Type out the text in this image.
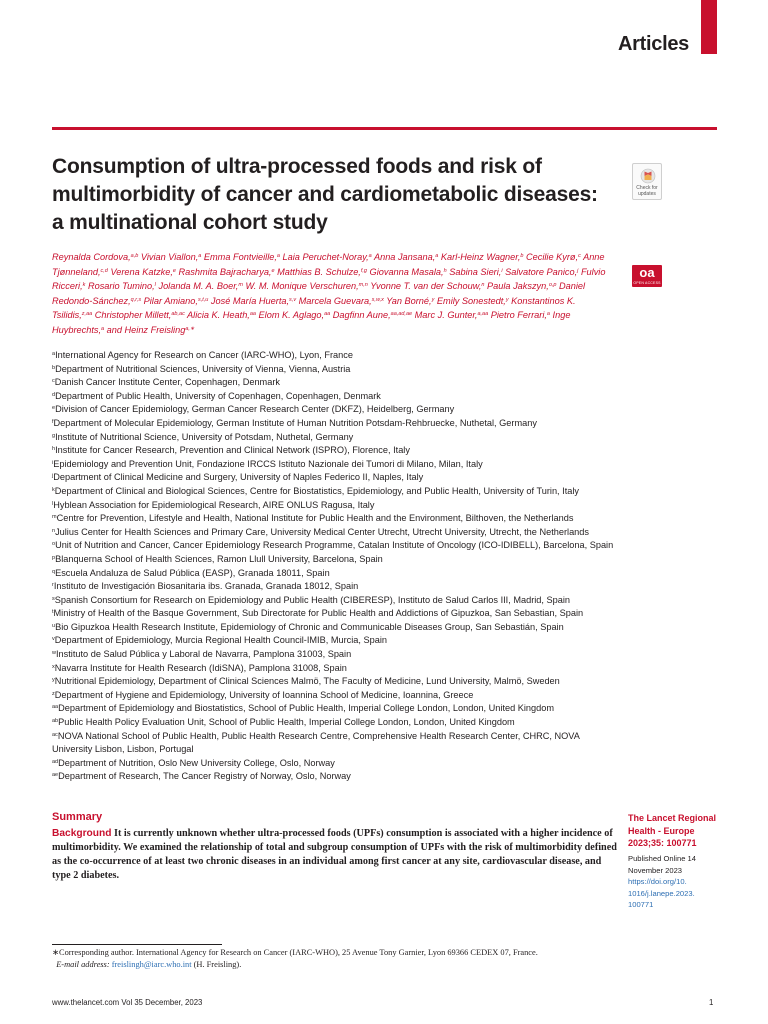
Articles
Consumption of ultra-processed foods and risk of
multimorbidity of cancer and cardiometabolic diseases:
a multinational cohort study
Check for updates
oa
OPEN ACCESS
Reynalda Cordova,$^{a,b}$ Vivian Viallon,$^a$ Emma Fontvieille,$^a$ Laia Peruchet-Noray,$^a$ Anna Jansana,$^a$ Karl-Heinz Wagner,$^b$ Cecilie Kyrø,$^c$ Anne Tjønneland,$^{c,d}$ Verena Katzke,$^e$ Rashmita Bajracharya,$^e$ Matthias B. Schulze,$^{f,g}$ Giovanna Masala,$^h$ Sabina Sieri,$^i$ Salvatore Panico,$^j$ Fulvio Ricceri,$^k$ Rosario Tumino,$^l$ Jolanda M. A. Boer,$^m$ W. M. Monique Verschuren,$^{m,n}$ Yvonne T. van der Schouw,$^n$ Paula Jakszyn,$^{o,p}$ Daniel Redondo-Sánchez,$^{q,r,s}$ Pilar Amiano,$^{s,t,u}$ José María Huerta,$^{s,v}$ Marcela Guevara,$^{s,w,x}$ Yan Borné,$^y$ Emily Sonestedt,$^y$ Konstantinos K. Tsilidis,$^{z,aa}$ Christopher Millett,$^{ab,ac}$ Alicia K. Heath,$^{aa}$ Elom K. Aglago,$^{aa}$ Dagfinn Aune,$^{aa,ad,ae}$ Marc J. Gunter,$^{a,aa}$ Pietro Ferrari,$^a$ Inge Huybrechts,$^a$ and Heinz Freisling$^{a,∗}$
$^a$International Agency for Research on Cancer (IARC-WHO), Lyon, France
$^b$Department of Nutritional Sciences, University of Vienna, Vienna, Austria
$^c$Danish Cancer Institute Center, Copenhagen, Denmark
$^d$Department of Public Health, University of Copenhagen, Copenhagen, Denmark
$^e$Division of Cancer Epidemiology, German Cancer Research Center (DKFZ), Heidelberg, Germany
$^f$Department of Molecular Epidemiology, German Institute of Human Nutrition Potsdam-Rehbruecke, Nuthetal, Germany
$^g$Institute of Nutritional Science, University of Potsdam, Nuthetal, Germany
$^h$Institute for Cancer Research, Prevention and Clinical Network (ISPRO), Florence, Italy
$^i$Epidemiology and Prevention Unit, Fondazione IRCCS Istituto Nazionale dei Tumori di Milano, Milan, Italy
$^j$Department of Clinical Medicine and Surgery, University of Naples Federico II, Naples, Italy
$^k$Department of Clinical and Biological Sciences, Centre for Biostatistics, Epidemiology, and Public Health, University of Turin, Italy
$^l$Hyblean Association for Epidemiological Research, AIRE ONLUS Ragusa, Italy
$^m$Centre for Prevention, Lifestyle and Health, National Institute for Public Health and the Environment, Bilthoven, the Netherlands
$^n$Julius Center for Health Sciences and Primary Care, University Medical Center Utrecht, Utrecht University, Utrecht, the Netherlands
$^o$Unit of Nutrition and Cancer, Cancer Epidemiology Research Programme, Catalan Institute of Oncology (ICO-IDIBELL), Barcelona, Spain
$^p$Blanquerna School of Health Sciences, Ramon Llull University, Barcelona, Spain
$^q$Escuela Andaluza de Salud Pública (EASP), Granada 18011, Spain
$^r$Instituto de Investigación Biosanitaria ibs. Granada, Granada 18012, Spain
$^s$Spanish Consortium for Research on Epidemiology and Public Health (CIBERESP), Instituto de Salud Carlos III, Madrid, Spain
$^t$Ministry of Health of the Basque Government, Sub Directorate for Public Health and Addictions of Gipuzkoa, San Sebastian, Spain
$^u$Bio Gipuzkoa Health Research Institute, Epidemiology of Chronic and Communicable Diseases Group, San Sebastián, Spain
$^v$Department of Epidemiology, Murcia Regional Health Council-IMIB, Murcia, Spain
$^w$Instituto de Salud Pública y Laboral de Navarra, Pamplona 31003, Spain
$^x$Navarra Institute for Health Research (IdiSNA), Pamplona 31008, Spain
$^y$Nutritional Epidemiology, Department of Clinical Sciences Malmö, The Faculty of Medicine, Lund University, Malmö, Sweden
$^z$Department of Hygiene and Epidemiology, University of Ioannina School of Medicine, Ioannina, Greece
$^{aa}$Department of Epidemiology and Biostatistics, School of Public Health, Imperial College London, London, United Kingdom
$^{ab}$Public Health Policy Evaluation Unit, School of Public Health, Imperial College London, London, United Kingdom
$^{ac}$NOVA National School of Public Health, Public Health Research Centre, Comprehensive Health Research Center, CHRC, NOVA University Lisbon, Lisbon, Portugal
$^{ad}$Department of Nutrition, Oslo New University College, Oslo, Norway
$^{ae}$Department of Research, The Cancer Registry of Norway, Oslo, Norway
Summary
Background It is currently unknown whether ultra-processed foods (UPFs) consumption is associated with a higher incidence of multimorbidity. We examined the relationship of total and subgroup consumption of UPFs with the risk of multimorbidity defined as the co-occurrence of at least two chronic diseases in an individual among first cancer at any site, cardiovascular disease, and type 2 diabetes.
The Lancet Regional
Health - Europe
2023;35: 100771
Published Online 14
November 2023
https://doi.org/10.
1016/j.lanepe.2023.
100771
∗Corresponding author. International Agency for Research on Cancer (IARC-WHO), 25 Avenue Tony Garnier, Lyon 69366 CEDEX 07, France.
E-mail address: freislingh@iarc.who.int (H. Freisling).
www.thelancet.com Vol 35 December, 2023	1
